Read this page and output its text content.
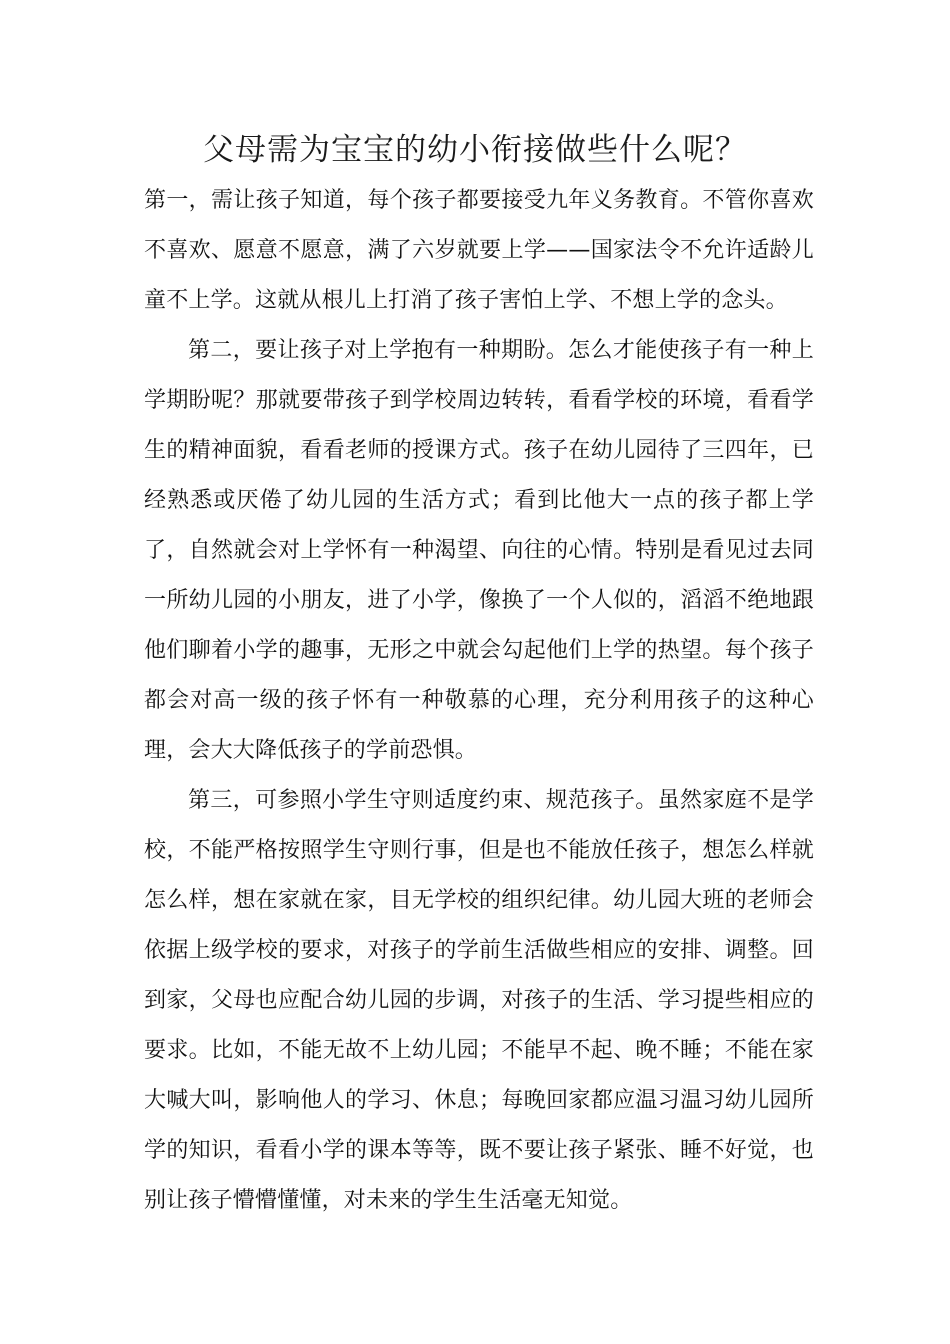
父母需为宝宝的幼小衔接做些什么呢？

第一，需让孩子知道，每个孩子都要接受九年义务教育。不管你喜欢不喜欢、愿意不愿意，满了六岁就要上学——国家法令不允许适龄儿童不上学。这就从根儿上打消了孩子害怕上学、不想上学的念头。

第二，要让孩子对上学抱有一种期盼。怎么才能使孩子有一种上学期盼呢？那就要带孩子到学校周边转转，看看学校的环境，看看学生的精神面貌，看看老师的授课方式。孩子在幼儿园待了三四年，已经熟悉或厌倦了幼儿园的生活方式；看到比他大一点的孩子都上学了，自然就会对上学怀有一种渴望、向往的心情。特别是看见过去同一所幼儿园的小朋友，进了小学，像换了一个人似的，滔滔不绝地跟他们聊着小学的趣事，无形之中就会勾起他们上学的热望。每个孩子都会对高一级的孩子怀有一种敬慕的心理，充分利用孩子的这种心理，会大大降低孩子的学前恐惧。

第三，可参照小学生守则适度约束、规范孩子。虽然家庭不是学校，不能严格按照学生守则行事，但是也不能放任孩子，想怎么样就怎么样，想在家就在家，目无学校的组织纪律。幼儿园大班的老师会依据上级学校的要求，对孩子的学前生活做些相应的安排、调整。回到家，父母也应配合幼儿园的步调，对孩子的生活、学习提些相应的要求。比如，不能无故不上幼儿园；不能早不起、晚不睡；不能在家大喊大叫，影响他人的学习、休息；每晚回家都应温习温习幼儿园所学的知识，看看小学的课本等等，既不要让孩子紧张、睡不好觉，也别让孩子懵懵懂懂，对未来的学生生活毫无知觉。
